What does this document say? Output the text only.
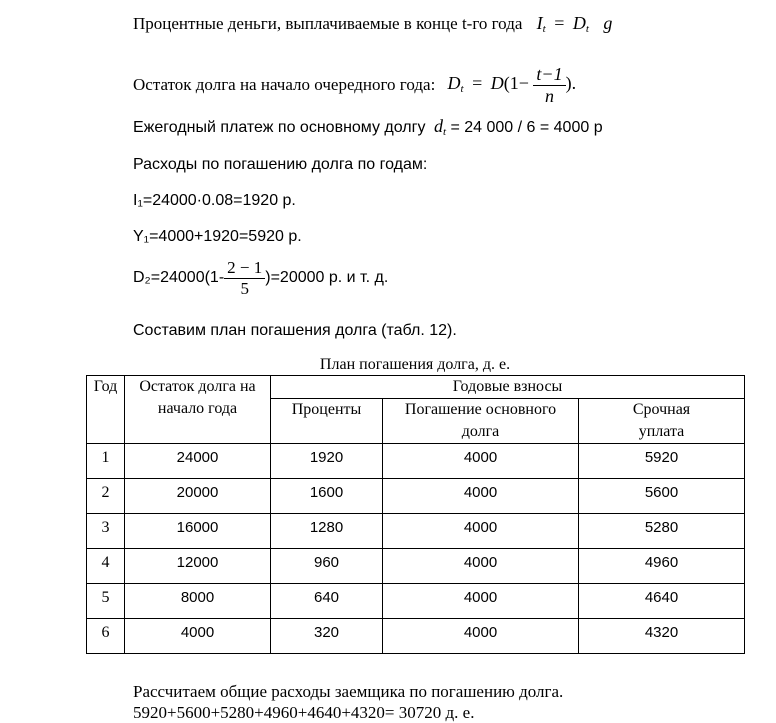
Процентные деньги, выплачиваемые в конце t-го года $I_t = D_t$ g
Остаток долга на начало очередного года: $D_t = D(1- \frac{t-1}{n}$ ).
Ежегодный платеж по основному долгу $d_t = 24$ 000 / 6 = 4000 р
Расходы по погашению долга по годам:
I₁=24000·0.08=1920 р.
Y₁=4000+1920=5920 р.
$D_2=24000(1- \frac{2 - 1}{5} )=20000$ р. и т. д.
Составим план погашения долга (табл. 12).
План погашения долга, д. е.
Год	Остаток долга на начало года	Годовые взносы		
		Проценты	Погашение основного долга	Срочная уплата
1	24000	1920	4000	5920
2	20000	1600	4000	5600
3	16000	1280	4000	5280
4	12000	960	4000	4960
5	8000	640	4000	4640
6	4000	320	4000	4320
Рассчитаем общие расходы заемщика по погашению долга.
5920+5600+5280+4960+4640+4320= 30720 д. е.
